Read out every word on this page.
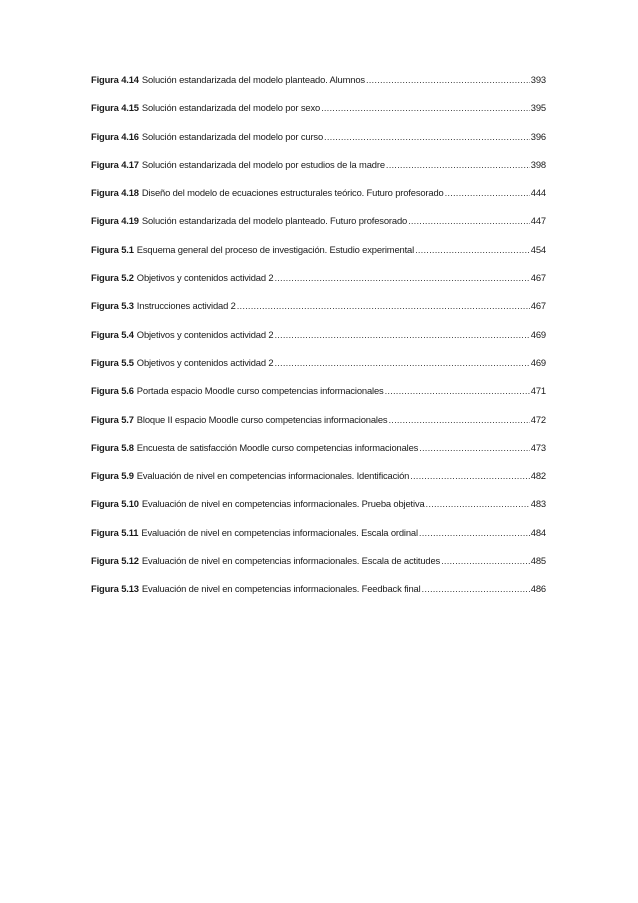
Figura 4.14 Solución estandarizada del modelo planteado. Alumnos .....	393
Figura 4.15 Solución estandarizada del modelo por sexo .....	395
Figura 4.16 Solución estandarizada del modelo por curso .....	396
Figura 4.17 Solución estandarizada del modelo por estudios de la madre .....	398
Figura 4.18 Diseño del modelo de ecuaciones estructurales teórico. Futuro profesorado .....	444
Figura 4.19 Solución estandarizada del modelo planteado. Futuro profesorado .....	447
Figura 5.1 Esquema general del proceso de investigación. Estudio experimental .....	454
Figura 5.2 Objetivos y contenidos actividad 2 .....	467
Figura 5.3 Instrucciones actividad 2 .....	467
Figura 5.4 Objetivos y contenidos actividad 2 .....	469
Figura 5.5 Objetivos y contenidos actividad 2 .....	469
Figura 5.6 Portada espacio Moodle curso competencias informacionales .....	471
Figura 5.7 Bloque II espacio Moodle curso competencias informacionales .....	472
Figura 5.8 Encuesta de satisfacción Moodle curso competencias informacionales .....	473
Figura 5.9 Evaluación de nivel en competencias informacionales. Identificación .....	482
Figura 5.10 Evaluación de nivel en competencias informacionales. Prueba objetiva .....	483
Figura 5.11 Evaluación de nivel en competencias informacionales. Escala ordinal .....	484
Figura 5.12 Evaluación de nivel en competencias informacionales. Escala de actitudes .....	485
Figura 5.13 Evaluación de nivel en competencias informacionales. Feedback final .....	486
